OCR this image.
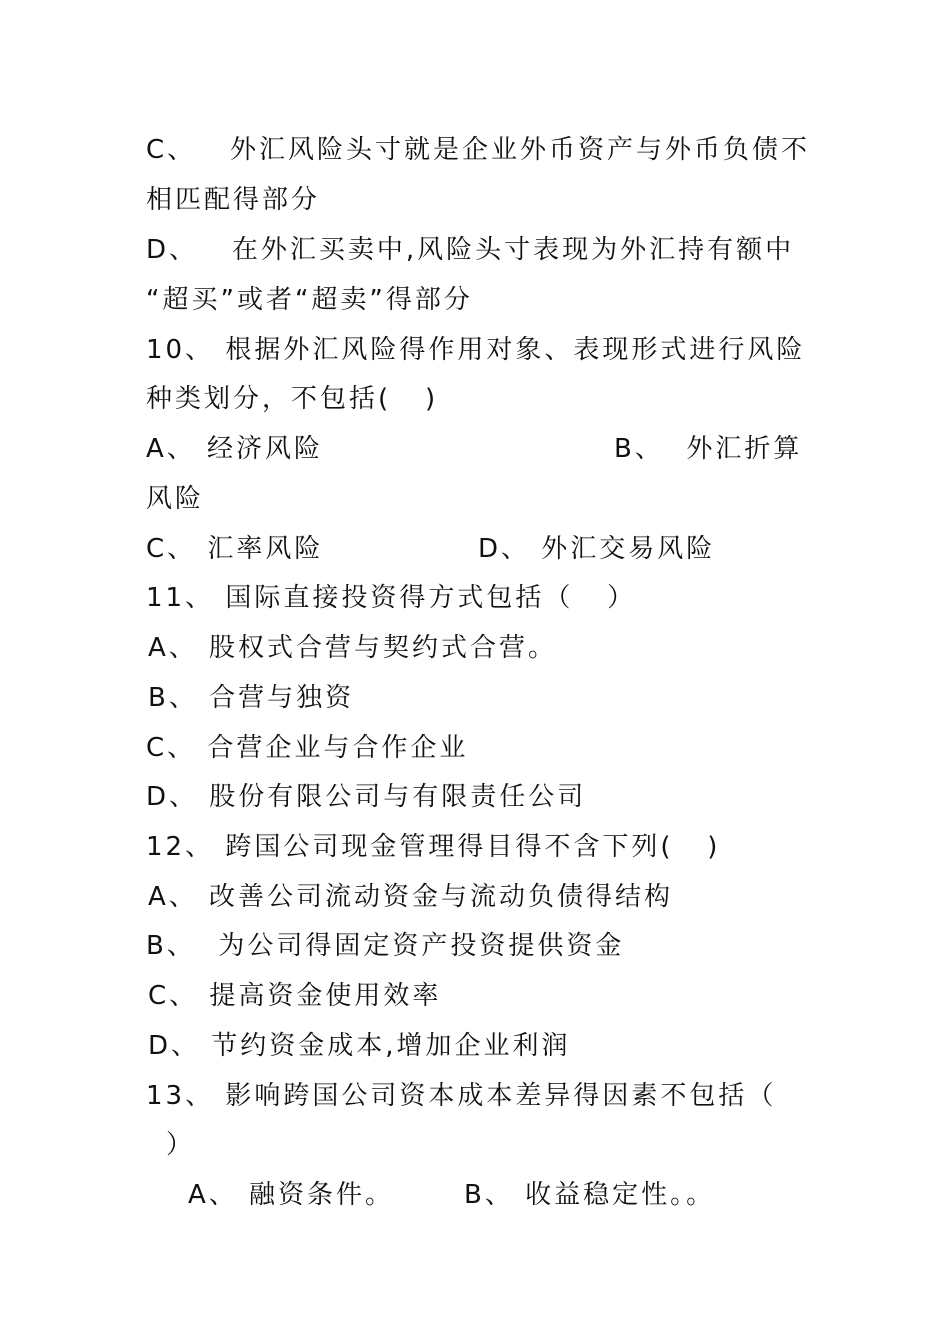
C、   外汇风险头寸就是企业外币资产与外币负债不
相匹配得部分
D、   在外汇买卖中,风险头寸表现为外汇持有额中
“超买”或者“超卖”得部分
10、 根据外汇风险得作用对象、表现形式进行风险
种类划分，不包括(   )
A、 经济风险	B、  外汇折算
风险
C、 汇率风险	D、 外汇交易风险
11、 国际直接投资得方式包括（   ）
A、 股权式合营与契约式合营。
B、 合营与独资
C、 合营企业与合作企业
D、 股份有限公司与有限责任公司
12、 跨国公司现金管理得目得不含下列(   )
A、 改善公司流动资金与流动负债得结构
B、  为公司得固定资产投资提供资金
C、 提高资金使用效率
D、 节约资金成本,增加企业利润
13、 影响跨国公司资本成本差异得因素不包括（
）
A、 融资条件。	B、 收益稳定性。。
